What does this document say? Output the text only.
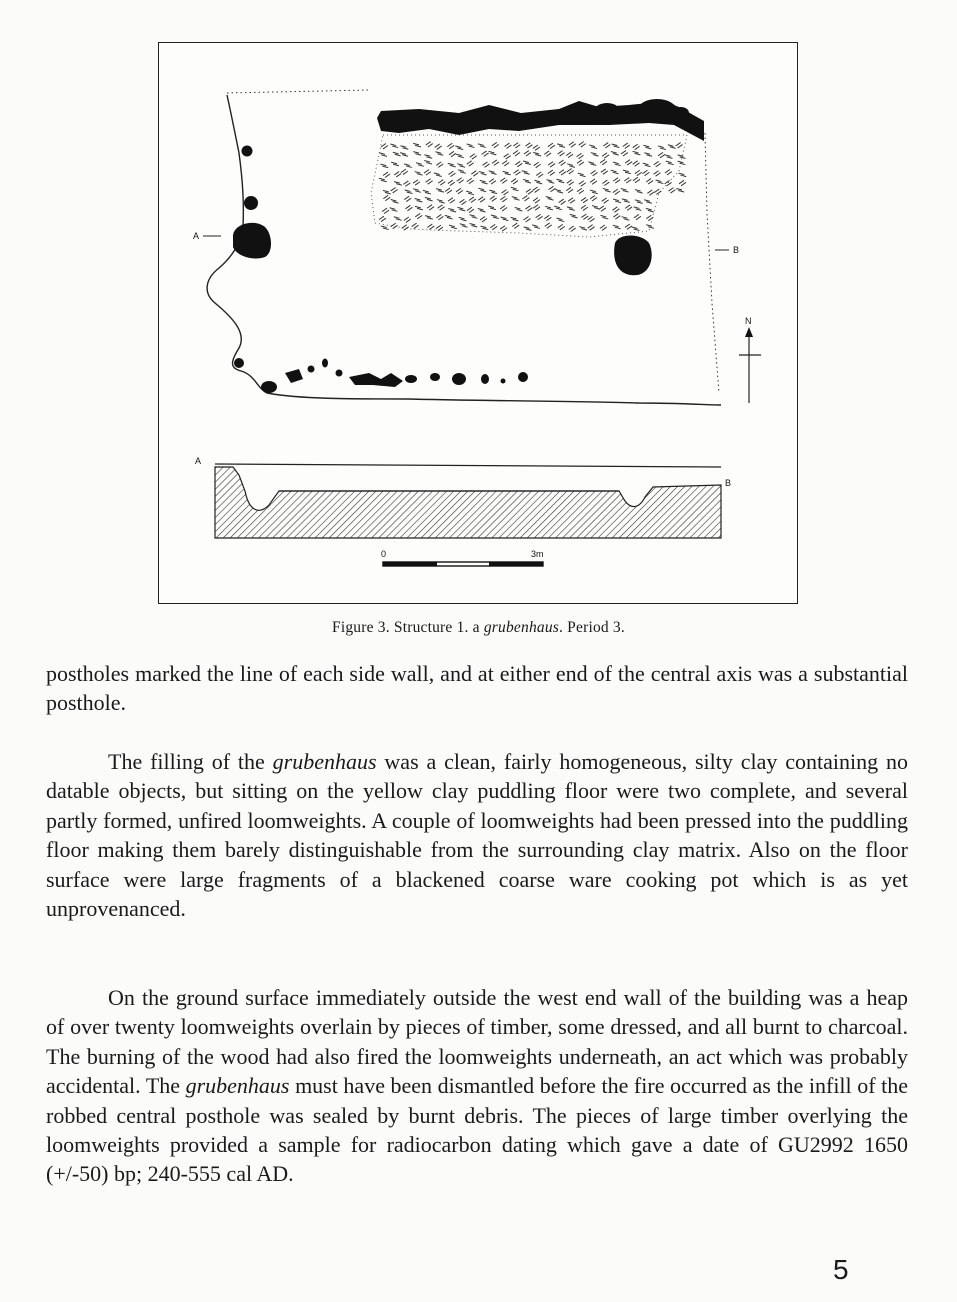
N
A
B
A
B
0	3m
Figure 3. Structure 1. a grubenhaus. Period 3.
postholes marked the line of each side wall, and at either end of the central axis was a substantial posthole.
The filling of the grubenhaus was a clean, fairly homogeneous, silty clay containing no datable objects, but sitting on the yellow clay puddling floor were two complete, and several partly formed, unfired loomweights. A couple of loomweights had been pressed into the puddling floor making them barely distinguishable from the surrounding clay matrix. Also on the floor surface were large fragments of a blackened coarse ware cooking pot which is as yet unprovenanced.
On the ground surface immediately outside the west end wall of the building was a heap of over twenty loomweights overlain by pieces of timber, some dressed, and all burnt to charcoal. The burning of the wood had also fired the loomweights underneath, an act which was probably accidental. The grubenhaus must have been dismantled before the fire occurred as the infill of the robbed central posthole was sealed by burnt debris. The pieces of large timber overlying the loomweights provided a sample for radiocarbon dating which gave a date of GU2992 1650 (+/-50) bp; 240-555 cal AD.
5
